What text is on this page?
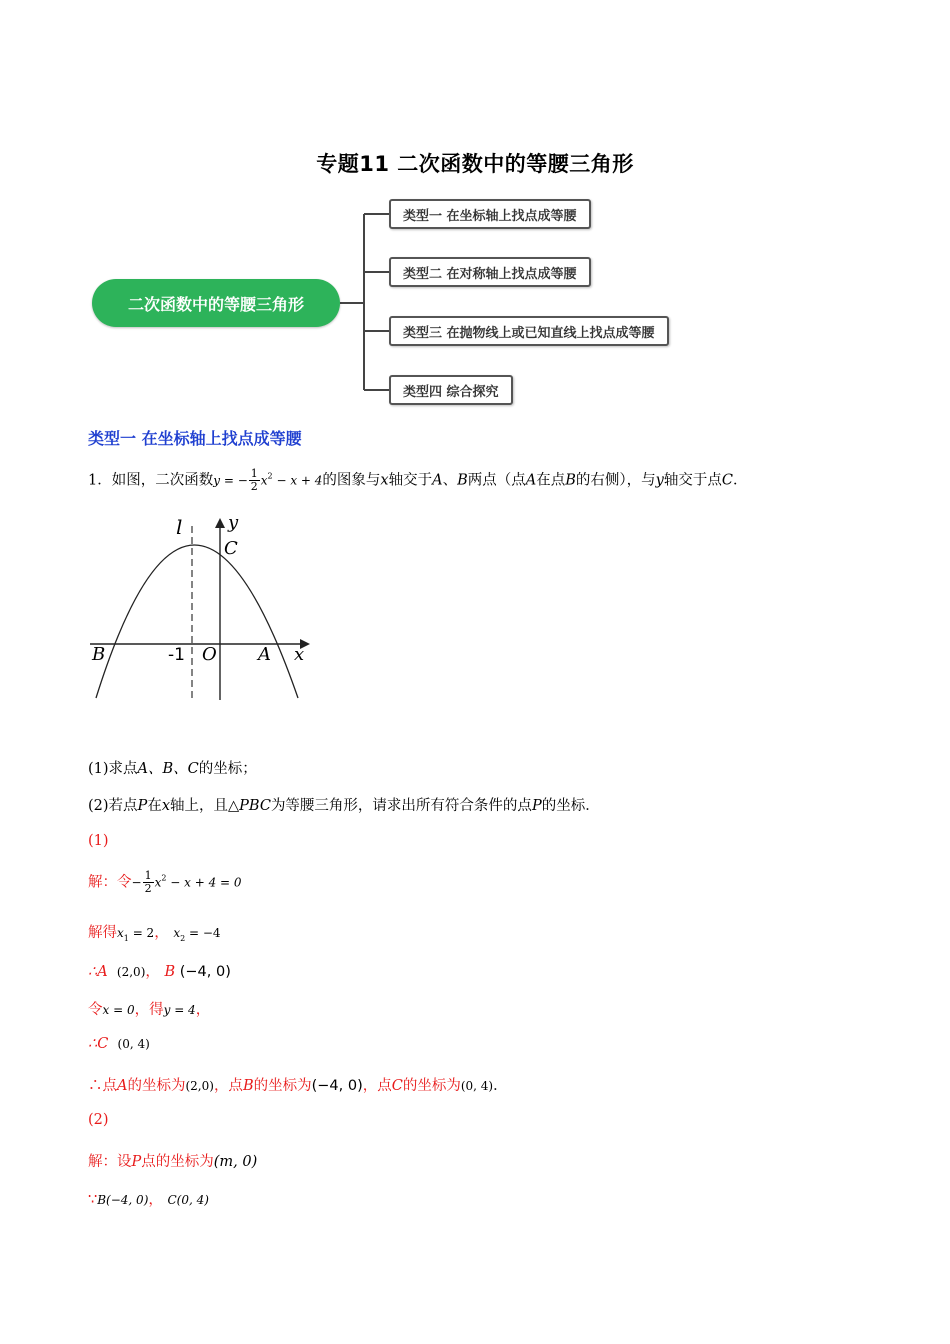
专题11 二次函数中的等腰三角形
二次函数中的等腰三角形
类型一 在坐标轴上找点成等腰
类型二 在对称轴上找点成等腰
类型三 在抛物线上或已知直线上找点成等腰
类型四 综合探究
类型一 在坐标轴上找点成等腰
1．如图，二次函数y = − $\frac{1}{2} x^2 - x + 4$的图象与x轴交于A、B两点（点A在点B的右侧），与y轴交于点C．
l	y
C
B	-1 O A x
(1)求点A、B、C的坐标；
(2)若点P在x轴上，且△PBC为等腰三角形，请求出所有符合条件的点P的坐标．
(1)
解：令− $\frac{1}{2} x^2 - x + 4 = 0$
解得$x_1 = 2$， $x_2 = -4$
∴A (2,0)， B (−4, 0)
令x = 0，得y = 4，
∴C (0, 4)
∴点A的坐标为(2,0)，点B的坐标为(−4, 0)，点C的坐标为(0, 4)．
(2)
解：设P点的坐标为(m, 0)
∵B(−4, 0)， C(0, 4)
